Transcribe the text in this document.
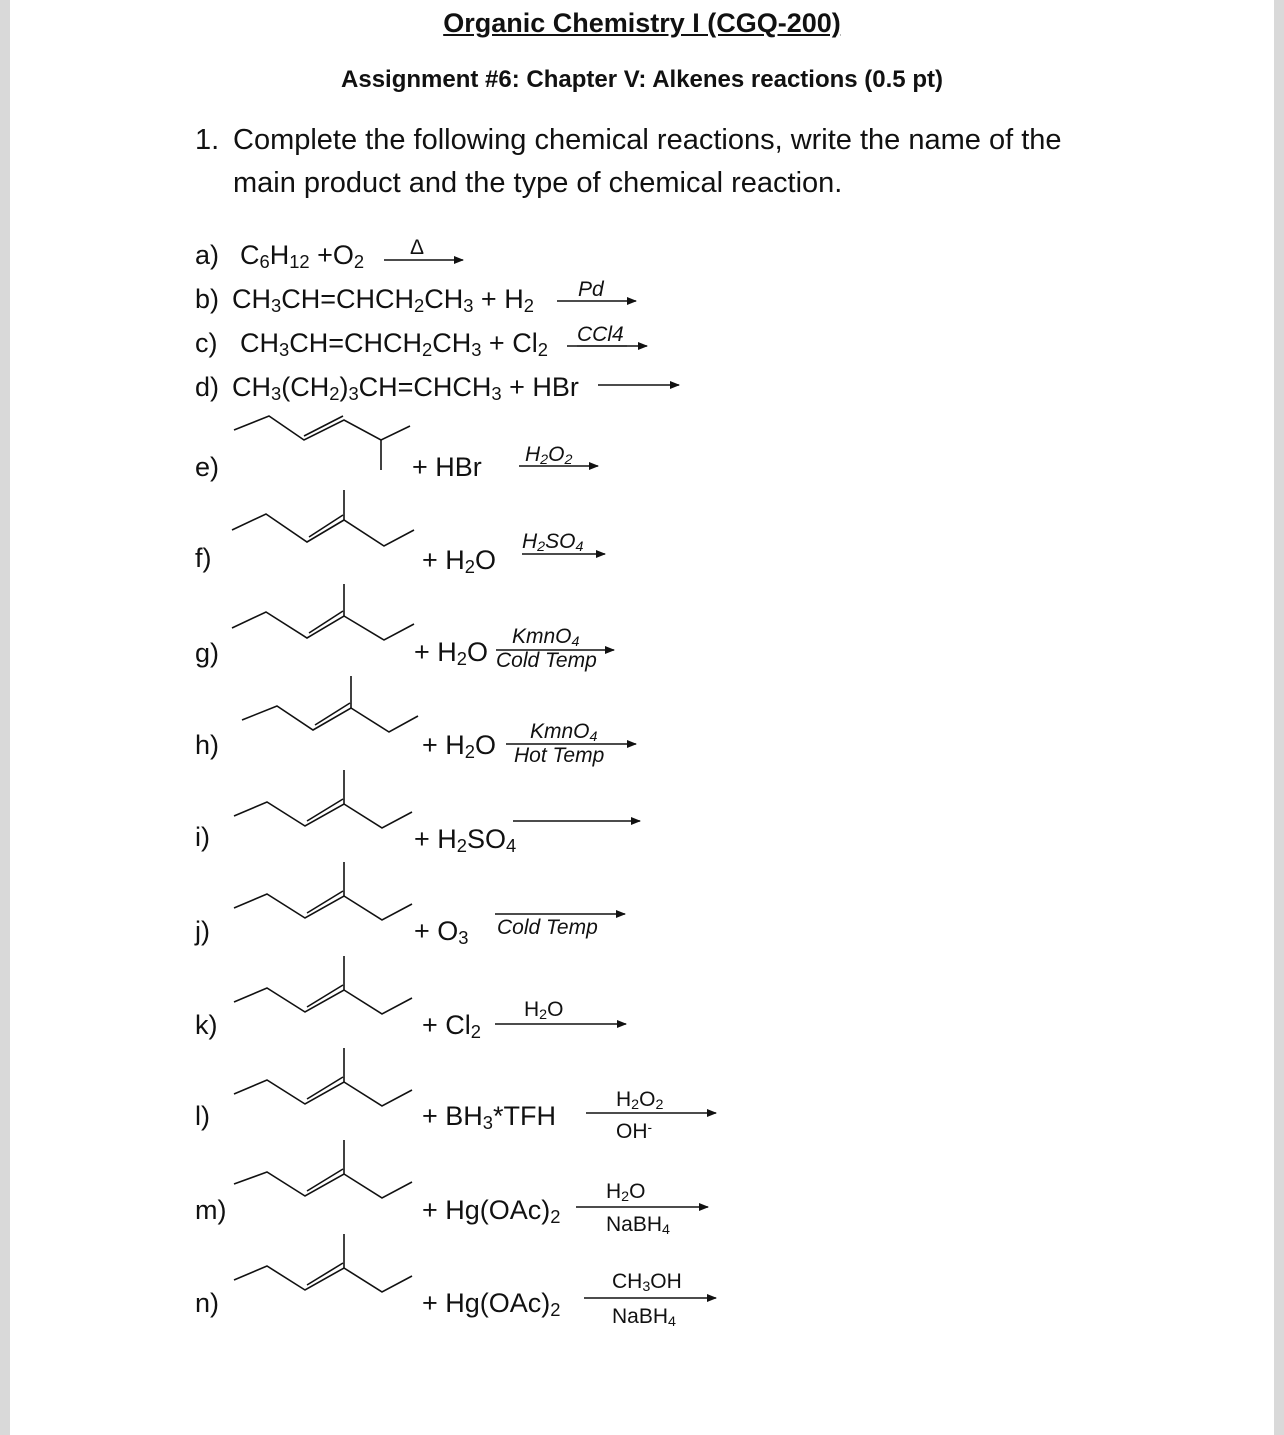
Organic Chemistry I (CGQ-200)
Assignment #6: Chapter V: Alkenes reactions (0.5 pt)
1. Complete the following chemical reactions, write the name of the
main product and the type of chemical reaction.
a) $C_6H_{12} +O_2$
Δ
b) $CH_3CH=CHCH_2CH_3 + H_2$
Pd
c) $CH_3CH=CHCH_2CH_3 + Cl_2$
CCl4
d) $CH_3(CH_2)_3CH=CHCH_3$ + HBr
e)	+ HBr $H_2O_2$
f)	+ $H_2O$
$H_2SO_4$
g)	+ $H_2O$
KmnO$_4$
Cold Temp
h)	+ $H_2O$ KmnO$_4$
Hot Temp
i)	+ $H_2SO_4$
j)	+ $O_3$ Cold Temp
k)	+ $Cl_2$
$H_2O$
l)	+ $BH_3*TFH$
$H_2O_2$
OH-
m)	+ $Hg(OAc)_2$
$H_2O$
NaBH$_4$
n)	+ $Hg(OAc)_2$
$CH_3OH$
NaBH$_4$
